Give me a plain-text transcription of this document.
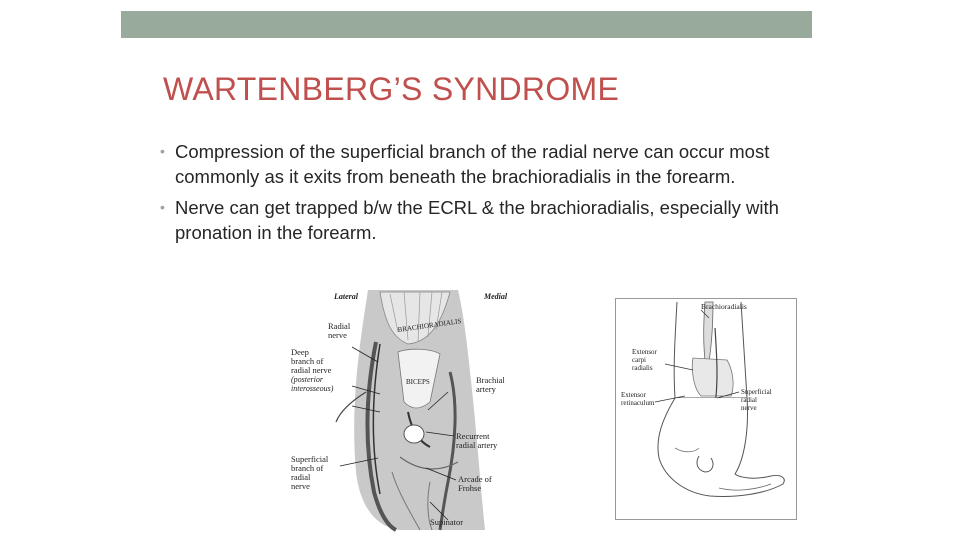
WARTENBERG’S SYNDROME
• Compression of the superficial branch of the radial nerve can occur most commonly as it exits from beneath the brachioradialis in the forearm.
• Nerve can get trapped b/w the ECRL & the brachioradialis, especially with pronation in the forearm.
Lateral	Medial
Radial
nerve
Deep
branch of
radial nerve
(posterior
interosseous)
BRACHIORADIALIS
BICEPS	Brachial
artery
Recurrent
radial artery
Superficial
branch of
radial
nerve
Arcade of
Frohse
Supinator
Brachioradialis
Extensor
carpi
radialis
Extensor
retinaculum
Superficial
radial
nerve
